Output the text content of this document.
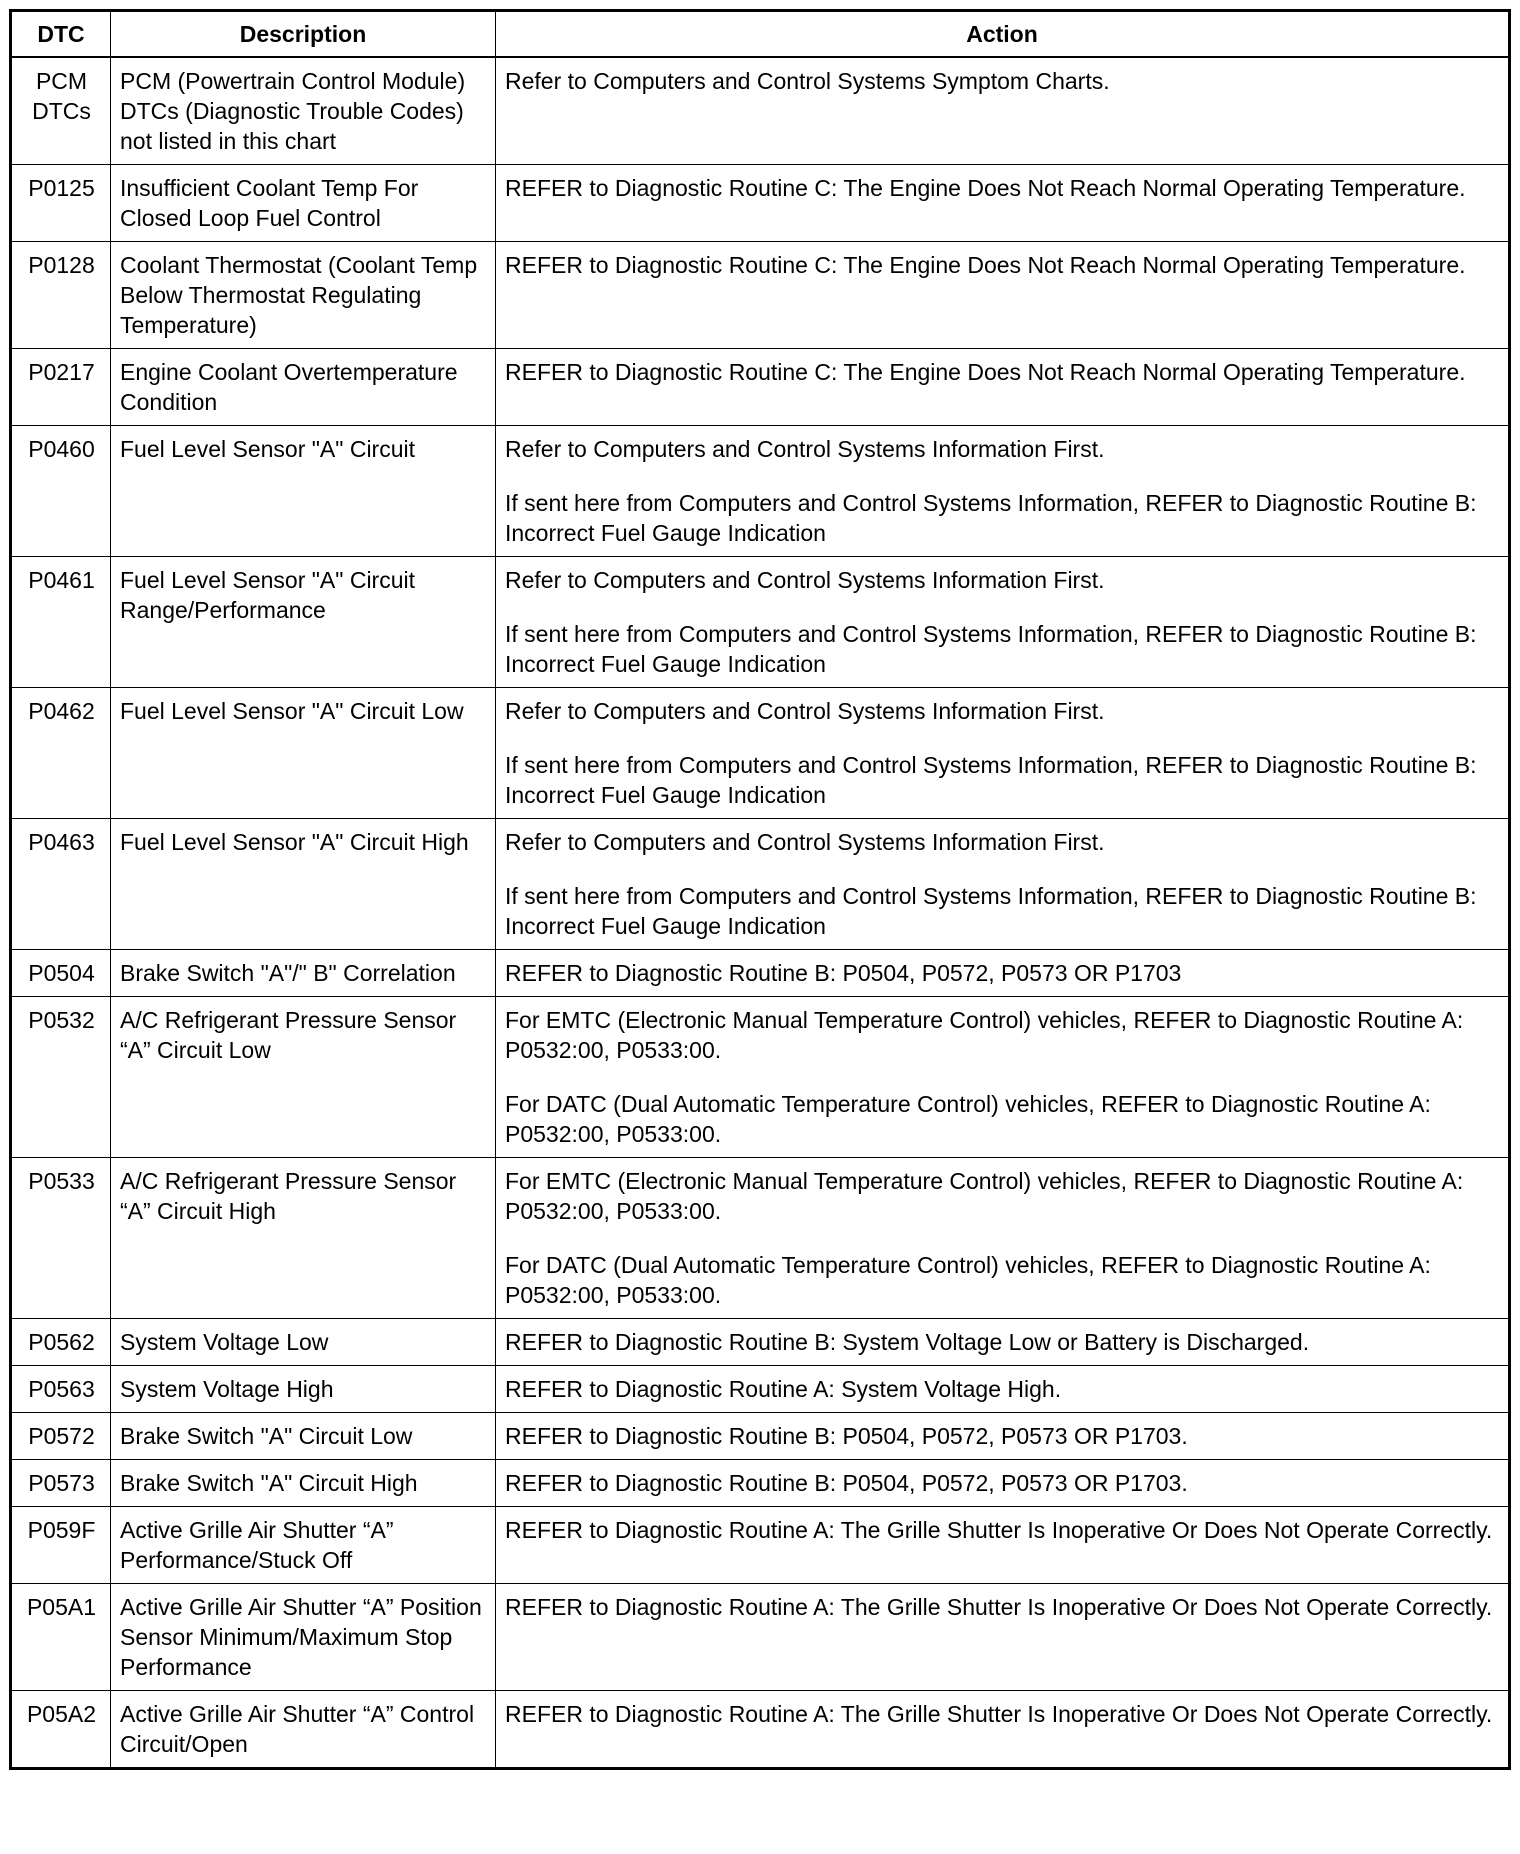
DTC	Description	Action
PCM DTCs	PCM (Powertrain Control Module) DTCs (Diagnostic Trouble Codes) not listed in this chart	Refer to Computers and Control Systems Symptom Charts.

P0125	Insufficient Coolant Temp For Closed Loop Fuel Control	REFER to Diagnostic Routine C: The Engine Does Not Reach Normal Operating Temperature.

P0128	Coolant Thermostat (Coolant Temp Below Thermostat Regulating Temperature)	REFER to Diagnostic Routine C: The Engine Does Not Reach Normal Operating Temperature.

P0217	Engine Coolant Overtemperature Condition	REFER to Diagnostic Routine C: The Engine Does Not Reach Normal Operating Temperature.

P0460	Fuel Level Sensor "A" Circuit	Refer to Computers and Control Systems Information First.

If sent here from Computers and Control Systems Information, REFER to Diagnostic Routine B: Incorrect Fuel Gauge Indication

P0461	Fuel Level Sensor "A" Circuit Range/Performance	Refer to Computers and Control Systems Information First.

If sent here from Computers and Control Systems Information, REFER to Diagnostic Routine B: Incorrect Fuel Gauge Indication

P0462	Fuel Level Sensor "A" Circuit Low	Refer to Computers and Control Systems Information First.

If sent here from Computers and Control Systems Information, REFER to Diagnostic Routine B: Incorrect Fuel Gauge Indication

P0463	Fuel Level Sensor "A" Circuit High	Refer to Computers and Control Systems Information First.

If sent here from Computers and Control Systems Information, REFER to Diagnostic Routine B: Incorrect Fuel Gauge Indication

P0504	Brake Switch "A"/" B" Correlation	REFER to Diagnostic Routine B: P0504, P0572, P0573 OR P1703

P0532	A/C Refrigerant Pressure Sensor “A” Circuit Low	For EMTC (Electronic Manual Temperature Control) vehicles, REFER to Diagnostic Routine A: P0532:00, P0533:00.

For DATC (Dual Automatic Temperature Control) vehicles, REFER to Diagnostic Routine A: P0532:00, P0533:00.

P0533	A/C Refrigerant Pressure Sensor “A” Circuit High	For EMTC (Electronic Manual Temperature Control) vehicles, REFER to Diagnostic Routine A: P0532:00, P0533:00.

For DATC (Dual Automatic Temperature Control) vehicles, REFER to Diagnostic Routine A: P0532:00, P0533:00.

P0562	System Voltage Low	REFER to Diagnostic Routine B: System Voltage Low or Battery is Discharged.

P0563	System Voltage High	REFER to Diagnostic Routine A: System Voltage High.

P0572	Brake Switch "A" Circuit Low	REFER to Diagnostic Routine B: P0504, P0572, P0573 OR P1703.

P0573	Brake Switch "A" Circuit High	REFER to Diagnostic Routine B: P0504, P0572, P0573 OR P1703.

P059F	Active Grille Air Shutter “A” Performance/Stuck Off	REFER to Diagnostic Routine A: The Grille Shutter Is Inoperative Or Does Not Operate Correctly.

P05A1	Active Grille Air Shutter “A” Position Sensor Minimum/Maximum Stop Performance	REFER to Diagnostic Routine A: The Grille Shutter Is Inoperative Or Does Not Operate Correctly.

P05A2	Active Grille Air Shutter “A” Control Circuit/Open	REFER to Diagnostic Routine A: The Grille Shutter Is Inoperative Or Does Not Operate Correctly.
